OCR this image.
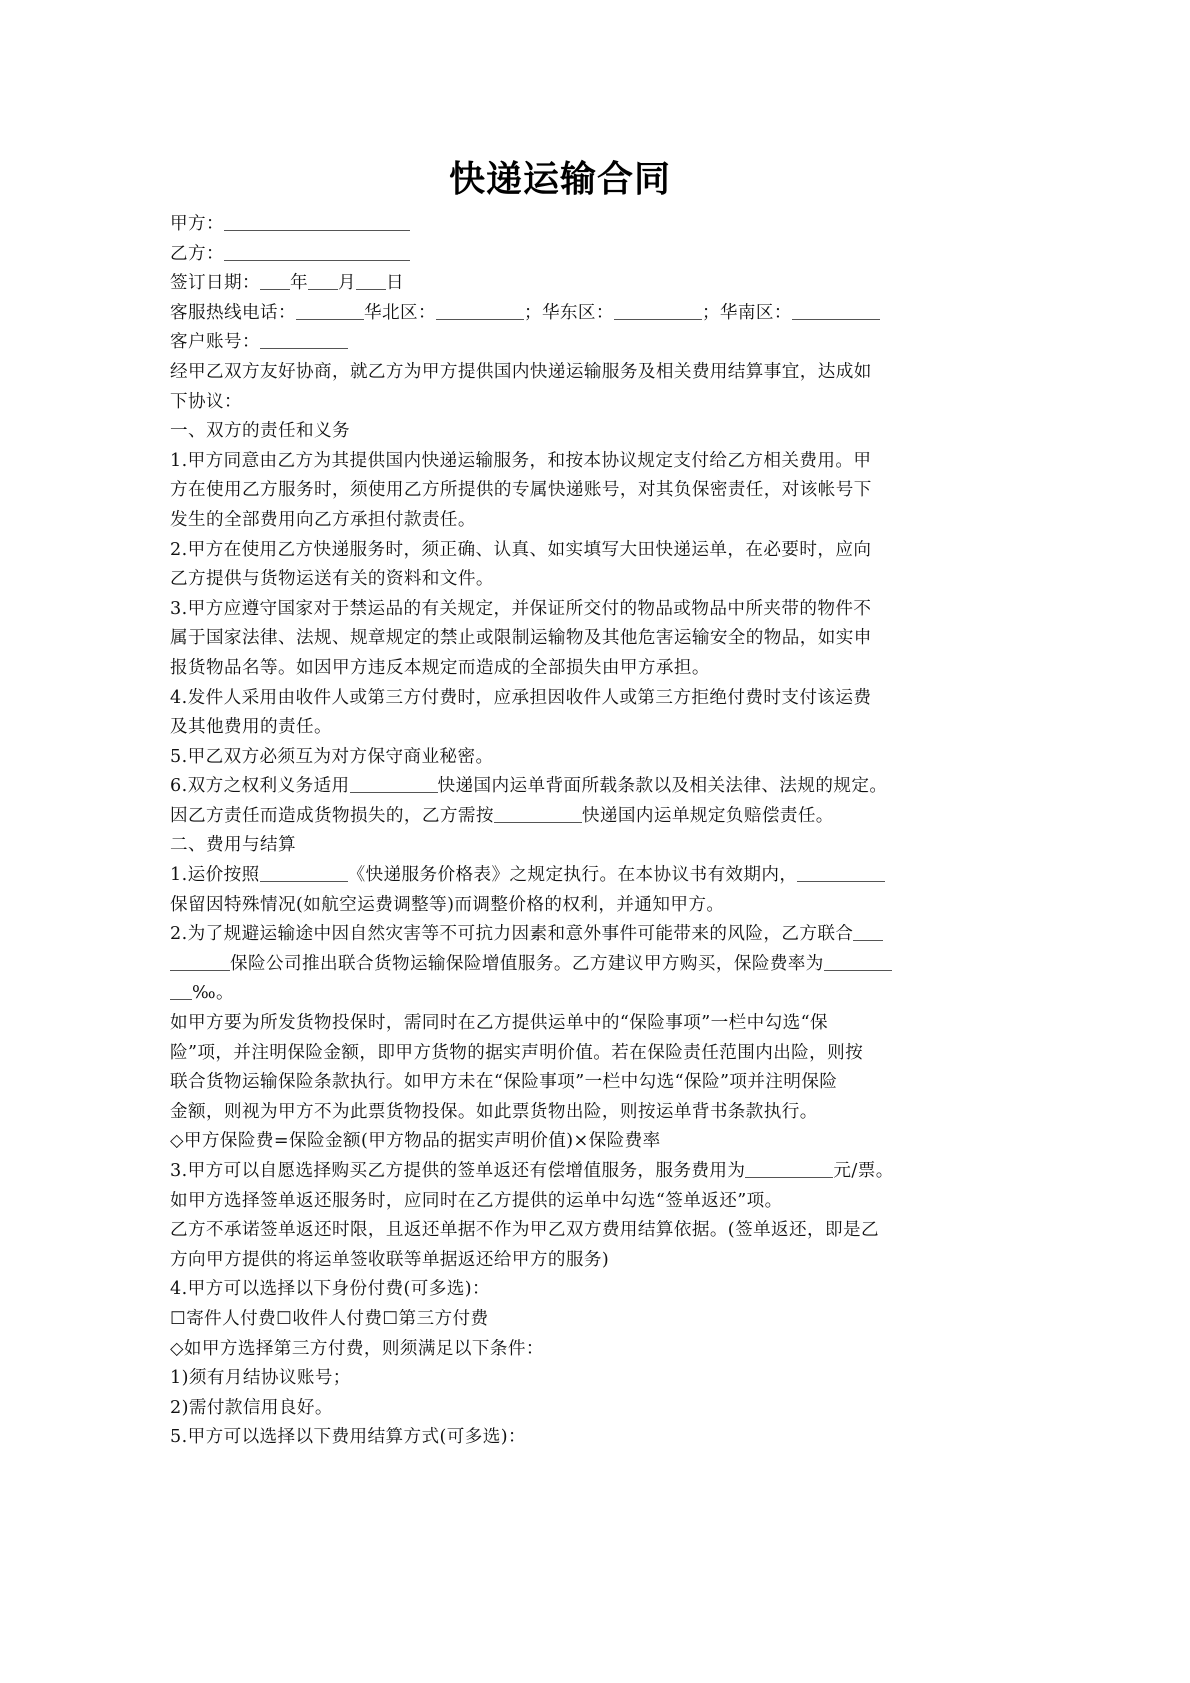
快递运输合同
甲方：
乙方：
签订日期： 年 月 日
客服热线电话：	华北区：	；华东区：	；华南区：
客户账号：
经甲乙双方友好协商，就乙方为甲方提供国内快递运输服务及相关费用结算事宜，达成如
下协议：
一、双方的责任和义务
1.甲方同意由乙方为其提供国内快递运输服务，和按本协议规定支付给乙方相关费用。甲
方在使用乙方服务时，须使用乙方所提供的专属快递账号，对其负保密责任，对该帐号下
发生的全部费用向乙方承担付款责任。
2.甲方在使用乙方快递服务时，须正确、认真、如实填写大田快递运单，在必要时，应向
乙方提供与货物运送有关的资料和文件。
3.甲方应遵守国家对于禁运品的有关规定，并保证所交付的物品或物品中所夹带的物件不
属于国家法律、法规、规章规定的禁止或限制运输物及其他危害运输安全的物品，如实申
报货物品名等。如因甲方违反本规定而造成的全部损失由甲方承担。
4.发件人采用由收件人或第三方付费时，应承担因收件人或第三方拒绝付费时支付该运费
及其他费用的责任。
5.甲乙双方必须互为对方保守商业秘密。
6.双方之权利义务适用	快递国内运单背面所载条款以及相关法律、法规的规定。
因乙方责任而造成货物损失的，乙方需按	快递国内运单规定负赔偿责任。
二、费用与结算
1.运价按照	《快递服务价格表》之规定执行。在本协议书有效期内，
保留因特殊情况(如航空运费调整等)而调整价格的权利，并通知甲方。
2.为了规避运输途中因自然灾害等不可抗力因素和意外事件可能带来的风险，乙方联合
保险公司推出联合货物运输保险增值服务。乙方建议甲方购买，保险费率为
‰。
如甲方要为所发货物投保时，需同时在乙方提供运单中的“保险事项”一栏中勾选“保
险”项，并注明保险金额，即甲方货物的据实声明价值。若在保险责任范围内出险，则按
联合货物运输保险条款执行。如甲方未在“保险事项”一栏中勾选“保险”项并注明保险
金额，则视为甲方不为此票货物投保。如此票货物出险，则按运单背书条款执行。
◇甲方保险费=保险金额(甲方物品的据实声明价值)×保险费率
3.甲方可以自愿选择购买乙方提供的签单返还有偿增值服务，服务费用为	元/票。
如甲方选择签单返还服务时，应同时在乙方提供的运单中勾选“签单返还”项。
乙方不承诺签单返还时限，且返还单据不作为甲乙双方费用结算依据。(签单返还，即是乙
方向甲方提供的将运单签收联等单据返还给甲方的服务)
4.甲方可以选择以下身份付费(可多选)：
☐寄件人付费☐收件人付费☐第三方付费
◇如甲方选择第三方付费，则须满足以下条件：
1)须有月结协议账号；
2)需付款信用良好。
5.甲方可以选择以下费用结算方式(可多选)：
